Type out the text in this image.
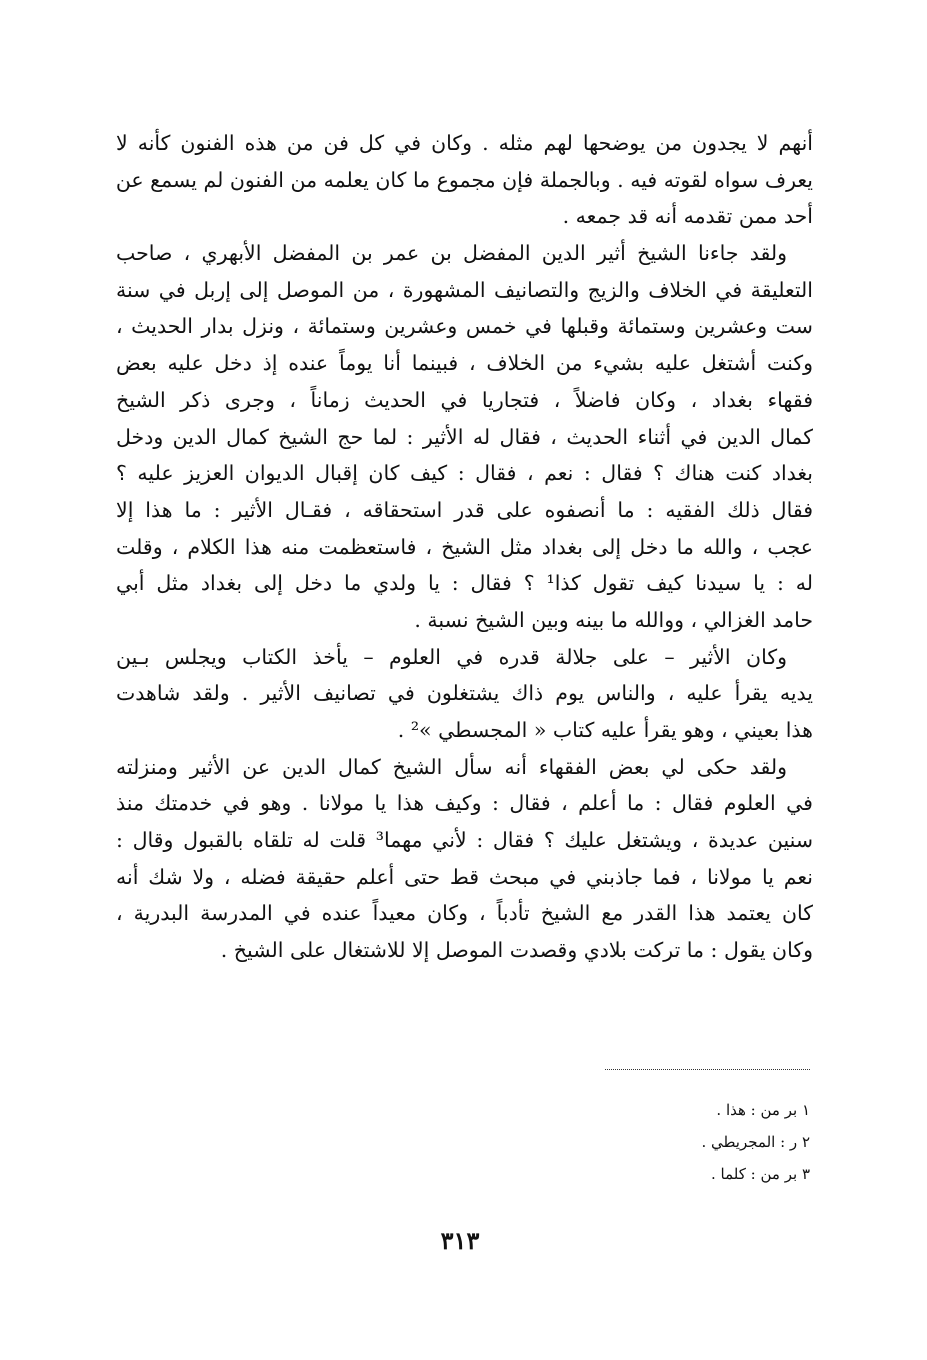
أنهم لا يجدون من يوضحها لهم مثله . وكان في كل فن من هذه الفنون كأنه لا
يعرف سواه لقوته فيه . وبالجملة فإن مجموع ما كان يعلمه من الفنون لم يسمع عن
أحد ممن تقدمه أنه قد جمعه .
ولقد جاءنا الشيخ أثير الدين المفضل بن عمر بن المفضل الأبهري ، صاحب
التعليقة في الخلاف والزيج والتصانيف المشهورة ، من الموصل إلى إربل في سنة
ست وعشرين وستمائة وقبلها في خمس وعشرين وستمائة ، ونزل بدار الحديث ،
وكنت أشتغل عليه بشيء من الخلاف ، فبينما أنا يوماً عنده إذ دخل عليه بعض
فقهاء بغداد ، وكان فاضلاً ، فتجاريا في الحديث زماناً ، وجرى ذكر الشيخ
كمال الدين في أثناء الحديث ، فقال له الأثير : لما حج الشيخ كمال الدين ودخل
بغداد كنت هناك ؟ فقال : نعم ، فقال : كيف كان إقبال الديوان العزيز عليه ؟
فقال ذلك الفقيه : ما أنصفوه على قدر استحقاقه ، فقـال الأثير : ما هذا إلا
عجب ، والله ما دخل إلى بغداد مثل الشيخ ، فاستعظمت منه هذا الكلام ، وقلت
له : يا سيدنا كيف تقول كذا¹ ؟ فقال : يا ولدي ما دخل إلى بغداد مثل أبي
حامد الغزالي ، ووالله ما بينه وبين الشيخ نسبة .
وكان الأثير – على جلالة قدره في العلوم – يأخذ الكتاب ويجلس بـين
يديه يقرأ عليه ، والناس يوم ذاك يشتغلون في تصانيف الأثير . ولقد شاهدت
هذا بعيني ، وهو يقرأ عليه كتاب « المجسطي »² .
ولقد حكى لي بعض الفقهاء أنه سأل الشيخ كمال الدين عن الأثير ومنزلته
في العلوم فقال : ما أعلم ، فقال : وكيف هذا يا مولانا . وهو في خدمتك منذ
سنين عديدة ، ويشتغل عليك ؟ فقال : لأني مهما³ قلت له تلقاه بالقبول وقال :
نعم يا مولانا ، فما جاذبني في مبحث قط حتى أعلم حقيقة فضله ، ولا شك أنه
كان يعتمد هذا القدر مع الشيخ تأدباً ، وكان معيداً عنده في المدرسة البدرية ،
وكان يقول : ما تركت بلادي وقصدت الموصل إلا للاشتغال على الشيخ .
١ بر من : هذا .
٢ ر : المجريطي .
٣ بر من : كلما .
٣١٣
